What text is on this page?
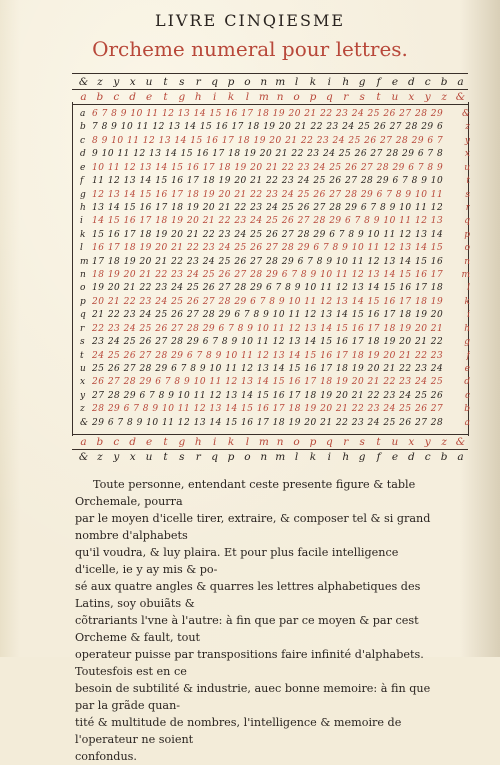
LIVRE CINQIESME
Orcheme numeral pour lettres.
& z	y x u	t	s	r	q p o n m l	k	i	h g	f	e d c b a
a b c d e	t	g h	i	k	l m n o p q	r	s	t	u x y	z &
a 6 7 8 9 10 11 12 13 14 15 16 17 18 19 20 21 22 23 24 25 26 27 28 29	&
b 7 8 9 10 11 12 13 14 15 16 17 18 19 20 21 22 23 24 25 26 27 28 29 6	z
c 8 9 10 11 12 13 14 15 16 17 18 19 20 21 22 23 24 25 26 27 28 29 6 7	y
d 9 10 11 12 13 14 15 16 17 18 19 20 21 22 23 24 25 26 27 28 29 6 7 8	x
e 10 11 12 13 14 15 16 17 18 19 20 21 22 23 24 25 26 27 28 29 6 7 8 9	u
f 11 12 13 14 15 16 17 18 19 20 21 22 23 24 25 26 27 28 29 6 7 8 9 10	t
g 12 13 14 15 16 17 18 19 20 21 22 23 24 25 26 27 28 29 6 7 8 9 10 11	s
h 13 14 15 16 17 18 19 20 21 22 23 24 25 26 27 28 29 6 7 8 9 10 11 12	r
i	14 15 16 17 18 19 20 21 22 23 24 25 26 27 28 29 6 7 8 9 10 11 12 13	q
k 15 16 17 18 19 20 21 22 23 24 25 26 27 28 29 6 7 8 9 10 11 12 13 14	p
l	16 17 18 19 20 21 22 23 24 25 26 27 28 29 6 7 8 9 10 11 12 13 14 15	o
m 17 18 19 20 21 22 23 24 25 26 27 28 29 6 7 8 9 10 11 12 13 14 15 16	n
n 18 19 20 21 22 23 24 25 26 27 28 29 6 7 8 9 10 11 12 13 14 15 16 17	m
o 19 20 21 22 23 24 25 26 27 28 29 6 7 8 9 10 11 12 13 14 15 16 17 18	l
p 20 21 22 23 24 25 26 27 28 29 6 7 8 9 10 11 12 13 14 15 16 17 18 19	k
q 21 22 23 24 25 26 27 28 29 6 7 8 9 10 11 12 13 14 15 16 17 18 19 20	i
r 22 23 24 25 26 27 28 29 6 7 8 9 10 11 12 13 14 15 16 17 18 19 20 21	h
s 23 24 25 26 27 28 29 6 7 8 9 10 11 12 13 14 15 16 17 18 19 20 21 22	g
t 24 25 26 27 28 29 6 7 8 9 10 11 12 13 14 15 16 17 18 19 20 21 22 23	f
u 25 26 27 28 29 6 7 8 9 10 11 12 13 14 15 16 17 18 19 20 21 22 23 24	e
x 26 27 28 29 6 7 8 9 10 11 12 13 14 15 16 17 18 19 20 21 22 23 24 25	d
y 27 28 29 6 7 8 9 10 11 12 13 14 15 16 17 18 19 20 21 22 23 24 25 26	c
z 28 29 6 7 8 9 10 11 12 13 14 15 16 17 18 19 20 21 22 23 24 25 26 27	b
& 29 6 7 8 9 10 11 12 13 14 15 16 17 18 19 20 21 22 23 24 25 26 27 28	a
a b c d e	t	g h	i	k	l m n o p q	r	s	t	u x y	z &
& z	y x u	t	s	r	q p o n m l	k	i	h g	f	e d c b a

Toute personne, entendant ceste presente figure & table Orchemale, pourra

par le moyen d'icelle tirer, extraire, & composer tel & si grand nombre d'alphabets

qu'il voudra, & luy plaira. Et pour plus facile intelligence d'icelle, ie y ay mis & po-

sé aux quatre angles & quarres les lettres alphabetiques des Latins, soy obuiãts &

cõtrariants l'vne à l'autre: à fin que par ce moyen & par cest Orcheme & fault, tout

operateur puisse par transpositions faire infinité d'alphabets. Toutesfois est en ce

besoin de subtilité & industrie, auec bonne memoire: à fin que par la grãde quan-

tité & multitude de nombres, l'intelligence & memoire de l'operateur ne soient

confondus.
